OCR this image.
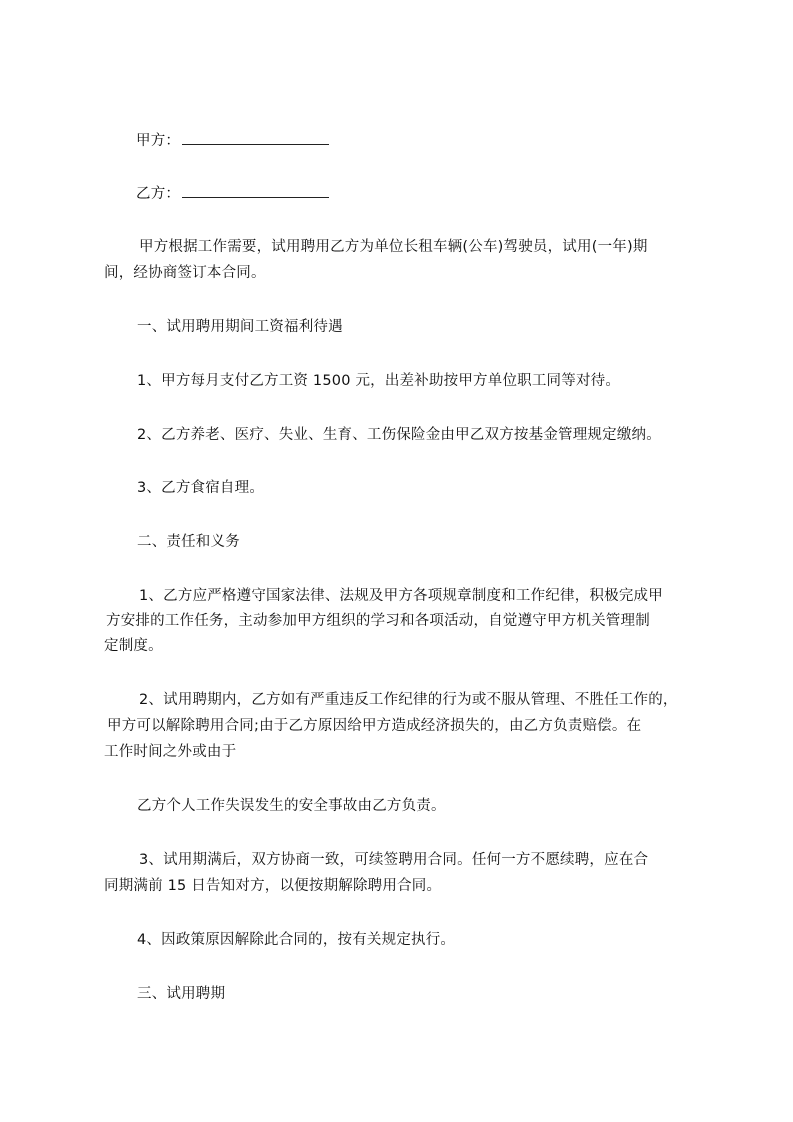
甲方：
乙方：
甲方根据工作需要，试用聘用乙方为单位长租车辆(公车)驾驶员，试用(一年)期
间，经协商签订本合同。
一、试用聘用期间工资福利待遇
1、甲方每月支付乙方工资 1500 元，出差补助按甲方单位职工同等对待。
2、乙方养老、医疗、失业、生育、工伤保险金由甲乙双方按基金管理规定缴纳。
3、乙方食宿自理。
二、责任和义务
1、乙方应严格遵守国家法律、法规及甲方各项规章制度和工作纪律，积极完成甲
方安排的工作任务，主动参加甲方组织的学习和各项活动，自觉遵守甲方机关管理制
定制度。
2、试用聘期内，乙方如有严重违反工作纪律的行为或不服从管理、不胜任工作的，
甲方可以解除聘用合同;由于乙方原因给甲方造成经济损失的，由乙方负责赔偿。在
工作时间之外或由于
乙方个人工作失误发生的安全事故由乙方负责。
3、试用期满后，双方协商一致，可续签聘用合同。任何一方不愿续聘，应在合
同期满前 15 日告知对方，以便按期解除聘用合同。
4、因政策原因解除此合同的，按有关规定执行。
三、试用聘期
